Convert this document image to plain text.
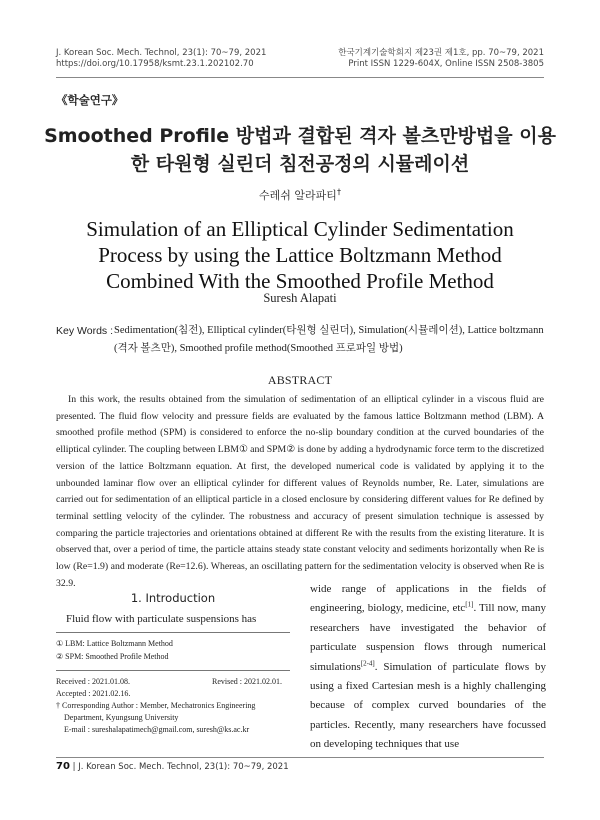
J. Korean Soc. Mech. Technol, 23(1): 70~79, 2021
https://doi.org/10.17958/ksmt.23.1.202102.70
한국기계기술학회지 제23권 제1호, pp. 70~79, 2021
Print ISSN 1229-604X, Online ISSN 2508-3805
《학술연구》
Smoothed Profile 방법과 결합된 격자 볼츠만방법을 이용한 타원형 실린더 침전공정의 시뮬레이션
수레쉬 알라파티†
Simulation of an Elliptical Cylinder Sedimentation Process by using the Lattice Boltzmann Method Combined With the Smoothed Profile Method
Suresh Alapati
Key Words : Sedimentation(침전), Elliptical cylinder(타원형 실린더), Simulation(시뮬레이션), Lattice boltzmann (격자 볼츠만), Smoothed profile method(Smoothed 프로파일 방법)
ABSTRACT
In this work, the results obtained from the simulation of sedimentation of an elliptical cylinder in a viscous fluid are presented. The fluid flow velocity and pressure fields are evaluated by the famous lattice Boltzmann method (LBM). A smoothed profile method (SPM) is considered to enforce the no-slip boundary condition at the curved boundaries of the elliptical cylinder. The coupling between LBM① and SPM② is done by adding a hydrodynamic force term to the discretized version of the lattice Boltzmann equation. At first, the developed numerical code is validated by applying it to the unbounded laminar flow over an elliptical cylinder for different values of Reynolds number, Re. Later, simulations are carried out for sedimentation of an elliptical particle in a closed enclosure by considering different values for Re defined by terminal settling velocity of the cylinder. The robustness and accuracy of present simulation technique is assessed by comparing the particle trajectories and orientations obtained at different Re with the results from the existing literature. It is observed that, over a period of time, the particle attains steady state constant velocity and sediments horizontally when Re is low (Re=1.9) and moderate (Re=12.6). Whereas, an oscillating pattern for the sedimentation velocity is observed when Re is 32.9.
1. Introduction
Fluid flow with particulate suspensions has
① LBM: Lattice Boltzmann Method
② SPM: Smoothed Profile Method
Received : 2021.01.08.	Revised : 2021.02.01.
Accepted : 2021.02.16.
† Corresponding Author : Member, Mechatronics Engineering
Department, Kyungsung University
E-mail : sureshalapatimech@gmail.com, suresh@ks.ac.kr
wide range of applications in the fields of engineering, biology, medicine, etc[1]. Till now, many researchers have investigated the behavior of particulate suspension flows through numerical simulations[2-4]. Simulation of particulate flows by using a fixed Cartesian mesh is a highly challenging because of complex curved boundaries of the particles. Recently, many researchers have focussed on developing techniques that use
70 | J. Korean Soc. Mech. Technol, 23(1): 70~79, 2021
